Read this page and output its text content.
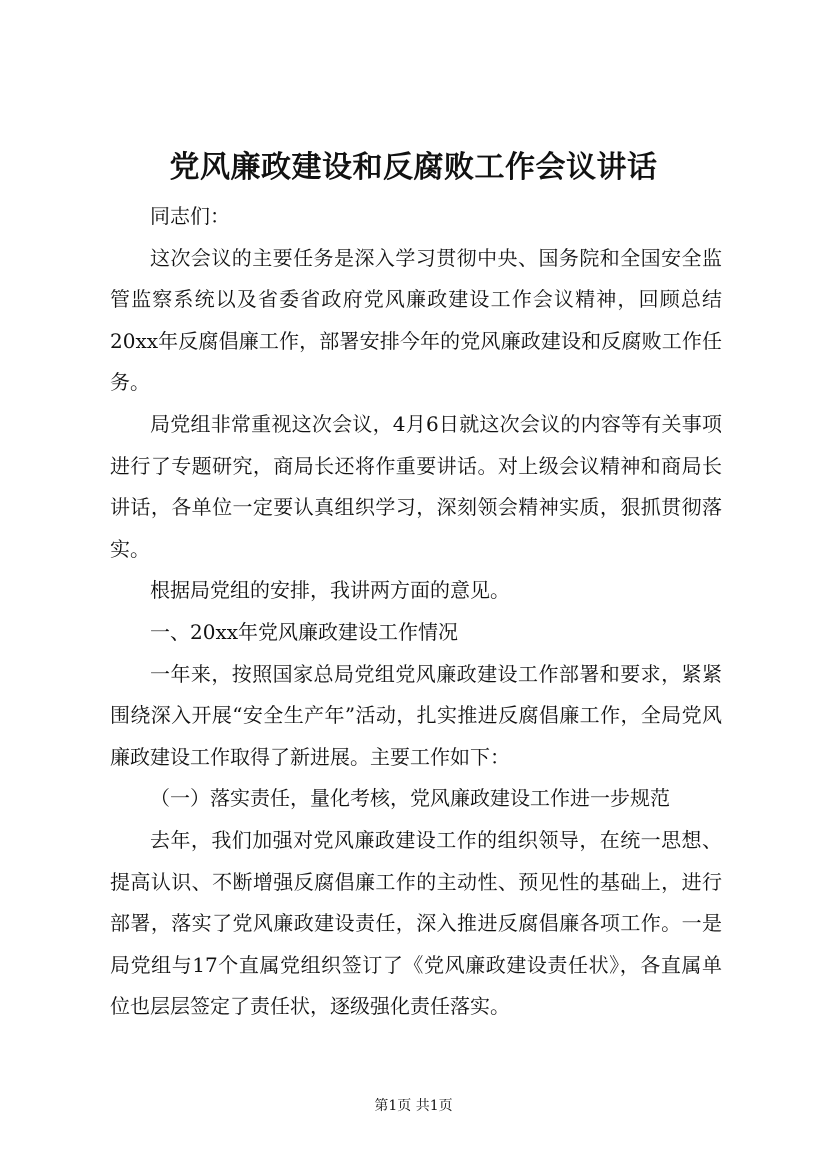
党风廉政建设和反腐败工作会议讲话

同志们：

这次会议的主要任务是深入学习贯彻中央、国务院和全国安全监管监察系统以及省委省政府党风廉政建设工作会议精神，回顾总结20xx年反腐倡廉工作，部署安排今年的党风廉政建设和反腐败工作任务。

局党组非常重视这次会议，4月6日就这次会议的内容等有关事项进行了专题研究，商局长还将作重要讲话。对上级会议精神和商局长讲话，各单位一定要认真组织学习，深刻领会精神实质，狠抓贯彻落实。

根据局党组的安排，我讲两方面的意见。

一、20xx年党风廉政建设工作情况

一年来，按照国家总局党组党风廉政建设工作部署和要求，紧紧围绕深入开展“安全生产年”活动，扎实推进反腐倡廉工作，全局党风廉政建设工作取得了新进展。主要工作如下：

（一）落实责任，量化考核，党风廉政建设工作进一步规范

去年，我们加强对党风廉政建设工作的组织领导，在统一思想、提高认识、不断增强反腐倡廉工作的主动性、预见性的基础上，进行部署，落实了党风廉政建设责任，深入推进反腐倡廉各项工作。一是局党组与17个直属党组织签订了《党风廉政建设责任状》，各直属单位也层层签定了责任状，逐级强化责任落实。

第1页 共1页
